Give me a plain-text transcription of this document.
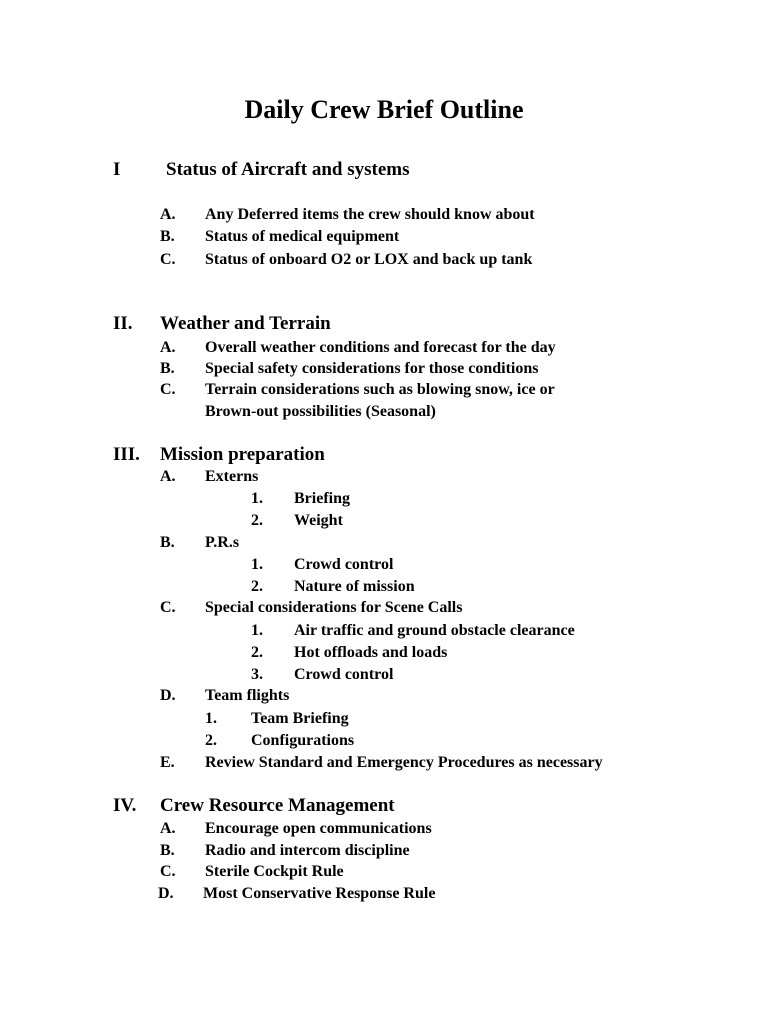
Daily Crew Brief Outline
I Status of Aircraft and systems
A. Any Deferred items the crew should know about
B. Status of medical equipment
C. Status of onboard O2 or LOX and back up tank
II. Weather and Terrain
A. Overall weather conditions and forecast for the day
B. Special safety considerations for those conditions
C. Terrain considerations such as blowing snow, ice or
Brown-out possibilities (Seasonal)
III. Mission preparation
A. Externs
1. Briefing
2. Weight
B. P.R.s
1. Crowd control
2. Nature of mission
C. Special considerations for Scene Calls
1. Air traffic and ground obstacle clearance
2. Hot offloads and loads
3. Crowd control
D. Team flights
1. Team Briefing
2. Configurations
E. Review Standard and Emergency Procedures as necessary
IV. Crew Resource Management
A. Encourage open communications
B. Radio and intercom discipline
C. Sterile Cockpit Rule
D. Most Conservative Response Rule
